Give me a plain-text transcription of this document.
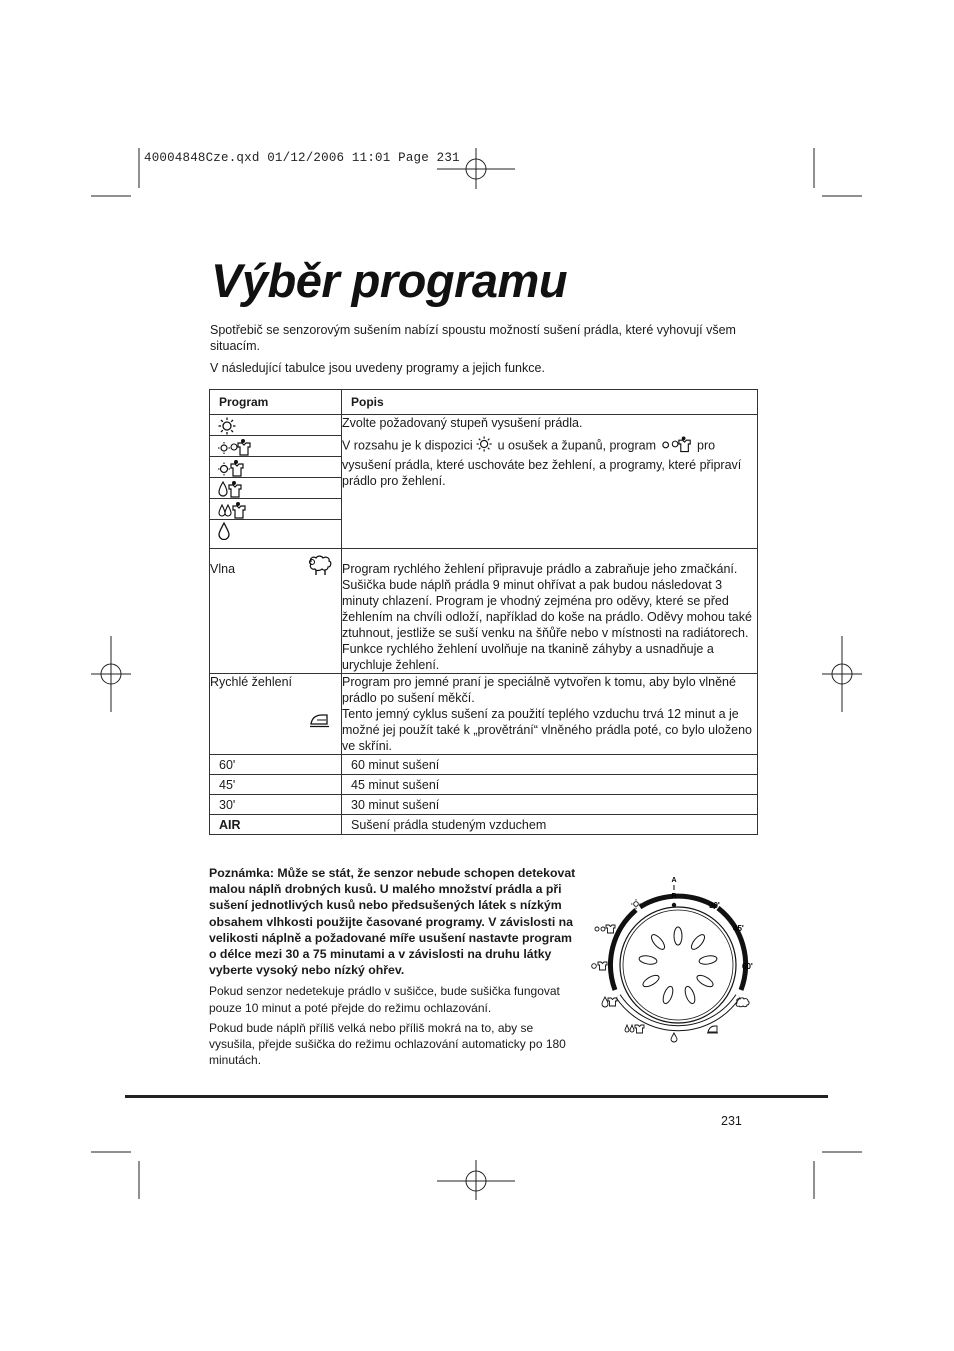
40004848Cze.qxd 01/12/2006 11:01 Page 231
Výběr programu

Spotřebič se senzorovým sušením nabízí spoustu možností sušení prádla, které vyhovují všem situacím.

V následující tabulce jsou uvedeny programy a jejich funkce.

Program	Popis

Zvolte požadovaný stupeň vysušení prádla.

V rozsahu je k dispozici u osušek a županů, program pro vysušení prádla, které uschováte bez žehlení, a programy, které připraví prádlo pro žehlení.

Vlna	Program rychlého žehlení připravuje prádlo a zabraňuje jeho zmačkání. Sušička bude náplň prádla 9 minut ohřívat a pak budou následovat 3 minuty chlazení. Program je vhodný zejména pro oděvy, které se před žehlením na chvíli odloží, například do koše na prádlo. Oděvy mohou také ztuhnout, jestliže se suší venku na šňůře nebo v místnosti na radiátorech. Funkce rychlého žehlení uvolňuje na tkanině záhyby a usnadňuje a urychluje žehlení.
Rychlé žehlení	Program pro jemné praní je speciálně vytvořen k tomu, aby bylo vlněné prádlo po sušení měkčí.
Tento jemný cyklus sušení za použití teplého vzduchu trvá 12 minut a je možné jej použít také k „provětrání“ vlněného prádla poté, co bylo uloženo ve skříni.

60'	60 minut sušení

45'	45 minut sušení

30'	30 minut sušení

AIR	Sušení prádla studeným vzduchem

Poznámka: Může se stát, že senzor nebude schopen detekovat malou náplň drobných kusů. U malého množství prádla a při sušení jednotlivých kusů nebo předsušených látek s nízkým obsahem vlhkosti použijte časované programy. V závislosti na velikosti náplně a požadované míře usušení nastavte program o délce mezi 30 a 75 minutami a v závislosti na druhu látky vyberte vysoký nebo nízký ohřev.

Pokud senzor nedetekuje prádlo v sušičce, bude sušička fungovat pouze 10 minut a poté přejde do režimu ochlazování.

Pokud bude náplň příliš velká nebo příliš mokrá na to, aby se vysušila, přejde sušička do režimu ochlazování automaticky po 180 minutách.

A
I
R
30'
45'
60'
231
